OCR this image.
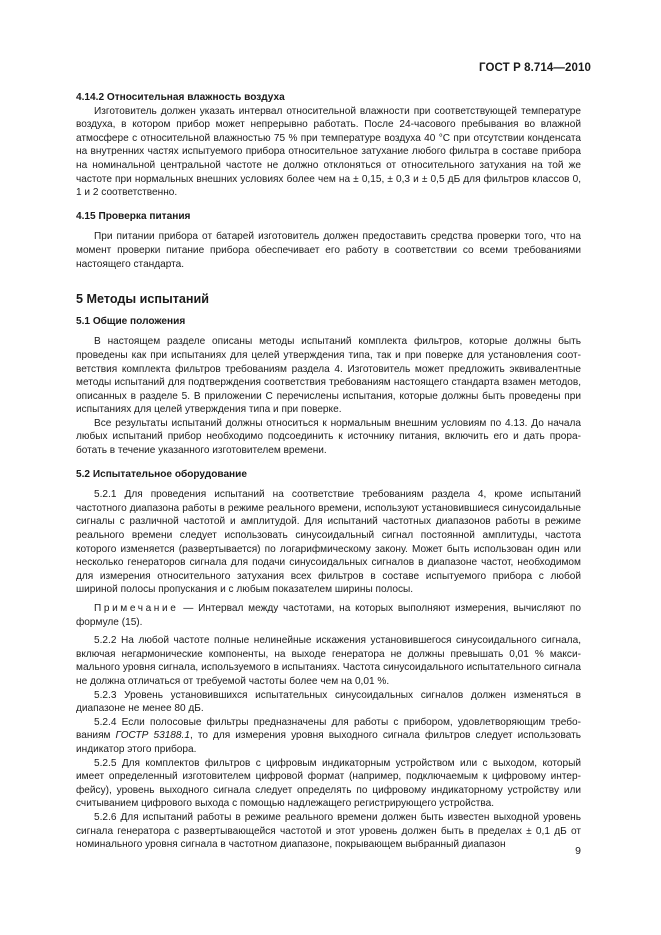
ГОСТ Р 8.714—2010
4.14.2 Относительная влажность воздуха

Изготовитель должен указать интервал относительной влажности при соответствующей температуре воздуха, в котором прибор может непрерывно работать. После 24-часового пребывания во влажной атмосфере с относительной влажностью 75 % при температуре воздуха 40 °С при отсутствии конденсата на внутренних частях испытуемого прибора относительное затухание любого фильтра в составе прибора на номинальной центральной частоте не должно отклоняться от относительного затухания на той же частоте при нормальных внешних условиях более чем на ± 0,15, ± 0,3 и ± 0,5 дБ для фильтров классов 0, 1 и 2 соответственно.

4.15 Проверка питания

При питании прибора от батарей изготовитель должен предоставить средства проверки того, что на момент проверки питание прибора обеспечивает его работу в соответствии со всеми требованиями настоящего стандарта.

5 Методы испытаний
5.1 Общие положения

В настоящем разделе описаны методы испытаний комплекта фильтров, которые должны быть проведены как при испытаниях для целей утверждения типа, так и при поверке для установления соответствия комплекта фильтров требованиям раздела 4. Изготовитель может предложить эквивалентные методы испытаний для подтверждения соответствия требованиям настоящего стандарта взамен методов, описанных в разделе 5. В приложении С перечислены испытания, которые должны быть проведены при испытаниях для целей утверждения типа и при поверке.

Все результаты испытаний должны относиться к нормальным внешним условиям по 4.13. До начала любых испытаний прибор необходимо подсоединить к источнику питания, включить его и дать проработать в течение указанного изготовителем времени.

5.2 Испытательное оборудование

5.2.1 Для проведения испытаний на соответствие требованиям раздела 4, кроме испытаний частотного диапазона работы в режиме реального времени, используют установившиеся синусоидальные сигналы с различной частотой и амплитудой. Для испытаний частотных диапазонов работы в режиме реального времени следует использовать синусоидальный сигнал постоянной амплитуды, частота которого изменяется (развертывается) по логарифмическому закону. Может быть использован один или несколько генераторов сигнала для подачи синусоидальных сигналов в диапазоне частот, необходимом для измерения относительного затухания всех фильтров в составе испытуемого прибора с любой шириной полосы пропускания и с любым показателем ширины полосы.

Примечание — Интервал между частотами, на которых выполняют измерения, вычисляют по формуле (15).

5.2.2 На любой частоте полные нелинейные искажения установившегося синусоидального сигнала, включая негармонические компоненты, на выходе генератора не должны превышать 0,01 % максимального уровня сигнала, используемого в испытаниях. Частота синусоидального испытательного сигнала не должна отличаться от требуемой частоты более чем на 0,01 %.

5.2.3 Уровень установившихся испытательных синусоидальных сигналов должен изменяться в диапазоне не менее 80 дБ.

5.2.4 Если полосовые фильтры предназначены для работы с прибором, удовлетворяющим требованиям ГОСТР 53188.1, то для измерения уровня выходного сигнала фильтров следует использовать индикатор этого прибора.

5.2.5 Для комплектов фильтров с цифровым индикаторным устройством или с выходом, который имеет определенный изготовителем цифровой формат (например, подключаемым к цифровому интерфейсу), уровень выходного сигнала следует определять по цифровому индикаторному устройству или считыванием цифрового выхода с помощью надлежащего регистрирующего устройства.

5.2.6 Для испытаний работы в режиме реального времени должен быть известен выходной уровень сигнала генератора с развертывающейся частотой и этот уровень должен быть в пределах ± 0,1 дБ от номинального уровня сигнала в частотном диапазоне, покрывающем выбранный диапазон

9
